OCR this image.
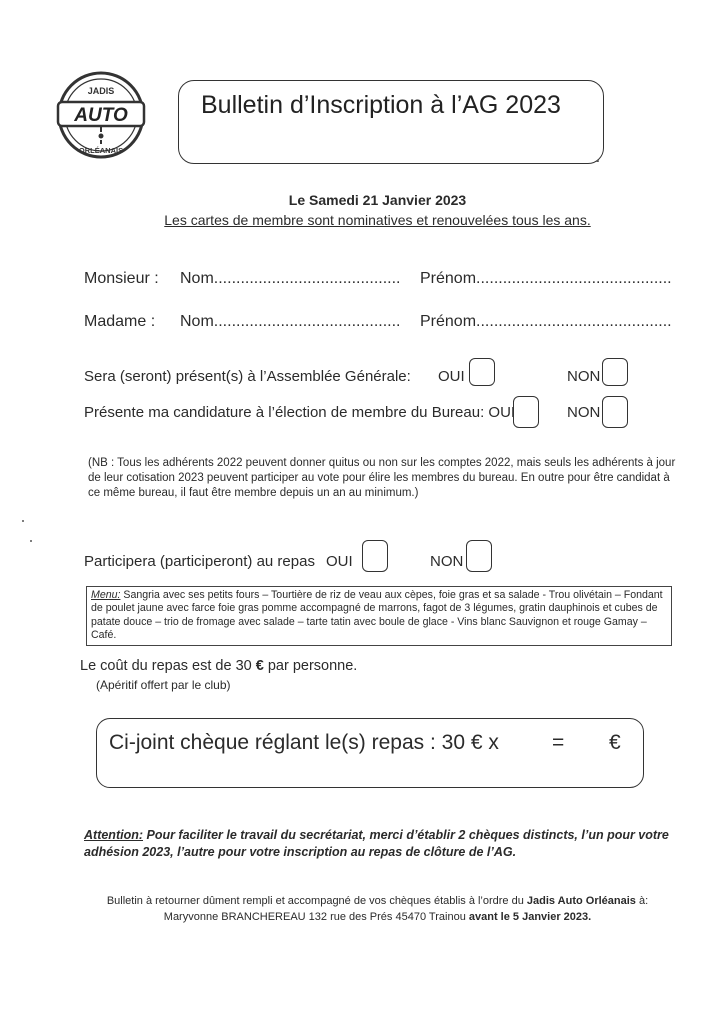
JADIS
AUTO
ORLÉANAIS
Bulletin d’Inscription à l’AG 2023
Le Samedi 21 Janvier 2023
Les cartes de membre sont nominatives et renouvelées tous les ans.
Monsieur : Nom.......................................... Prénom............................................
Madame : Nom.......................................... Prénom............................................
Sera (seront) présent(s) à l’Assemblée Générale: OUI	NON
Présente ma candidature à l’élection de membre du Bureau: OUI	NON
(NB : Tous les adhérents 2022 peuvent donner quitus ou non sur les comptes 2022, mais seuls les adhérents à jour de leur cotisation 2023 peuvent participer au vote pour élire les membres du bureau. En outre pour être candidat à ce même bureau, il faut être membre depuis un an au minimum.)
Participera (participeront) au repas OUI	NON
Menu: Sangria avec ses petits fours – Tourtière de riz de veau aux cèpes, foie gras et sa salade - Trou olivétain – Fondant de poulet jaune avec farce foie gras pomme accompagné de marrons, fagot de 3 légumes, gratin dauphinois et cubes de patate douce – trio de fromage avec salade – tarte tatin avec boule de glace - Vins blanc Sauvignon et rouge Gamay – Café.
Le coût du repas est de 30 € par personne.
(Apéritif offert par le club)
Ci-joint chèque réglant le(s) repas : 30 € x	= €
Attention: Pour faciliter le travail du secrétariat, merci d’établir 2 chèques distincts, l’un pour votre adhésion 2023, l’autre pour votre inscription au repas de clôture de l’AG.
Bulletin à retourner dûment rempli et accompagné de vos chèques établis à l’ordre du Jadis Auto Orléanais à:
Maryvonne BRANCHEREAU 132 rue des Prés 45470 Trainou avant le 5 Janvier 2023.
